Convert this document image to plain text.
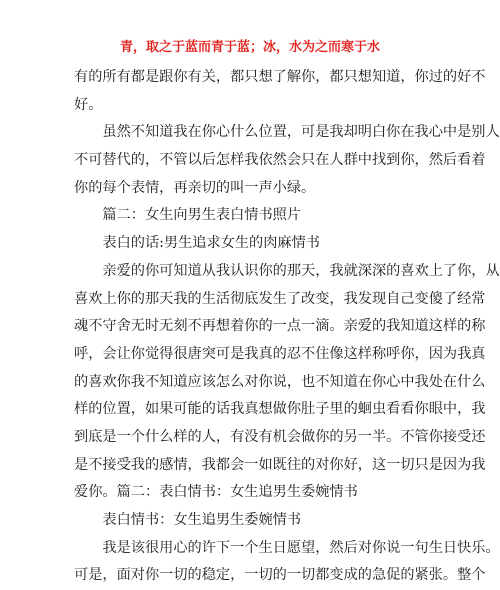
青，取之于蓝而青于蓝；冰，水为之而寒于水
有的所有都是跟你有关，都只想了解你，都只想知道，你过的好不
好。
　　虽然不知道我在你心什么位置，可是我却明白你在我心中是别人
不可替代的，不管以后怎样我依然会只在人群中找到你，然后看着
你的每个表情，再亲切的叫一声小绿。
　　篇二：女生向男生表白情书照片
　　表白的话:男生追求女生的肉麻情书
　　亲爱的你可知道从我认识你的那天，我就深深的喜欢上了你，从
喜欢上你的那天我的生活彻底发生了改变，我发现自己变傻了经常
魂不守舍无时无刻不再想着你的一点一滴。亲爱的我知道这样的称
呼，会让你觉得很唐突可是我真的忍不住像这样称呼你，因为我真
的喜欢你我不知道应该怎么对你说，也不知道在你心中我处在什么
样的位置，如果可能的话我真想做你肚子里的蛔虫看看你眼中，我
到底是一个什么样的人，有没有机会做你的另一半。不管你接受还
是不接受我的感情，我都会一如既往的对你好，这一切只是因为我
爱你。篇二：表白情书：女生追男生委婉情书
　　表白情书：女生追男生委婉情书
　　我是该很用心的许下一个生日愿望，然后对你说一句生日快乐。
可是，面对你一切的稳定，一切的一切都变成的急促的紧张。整个
